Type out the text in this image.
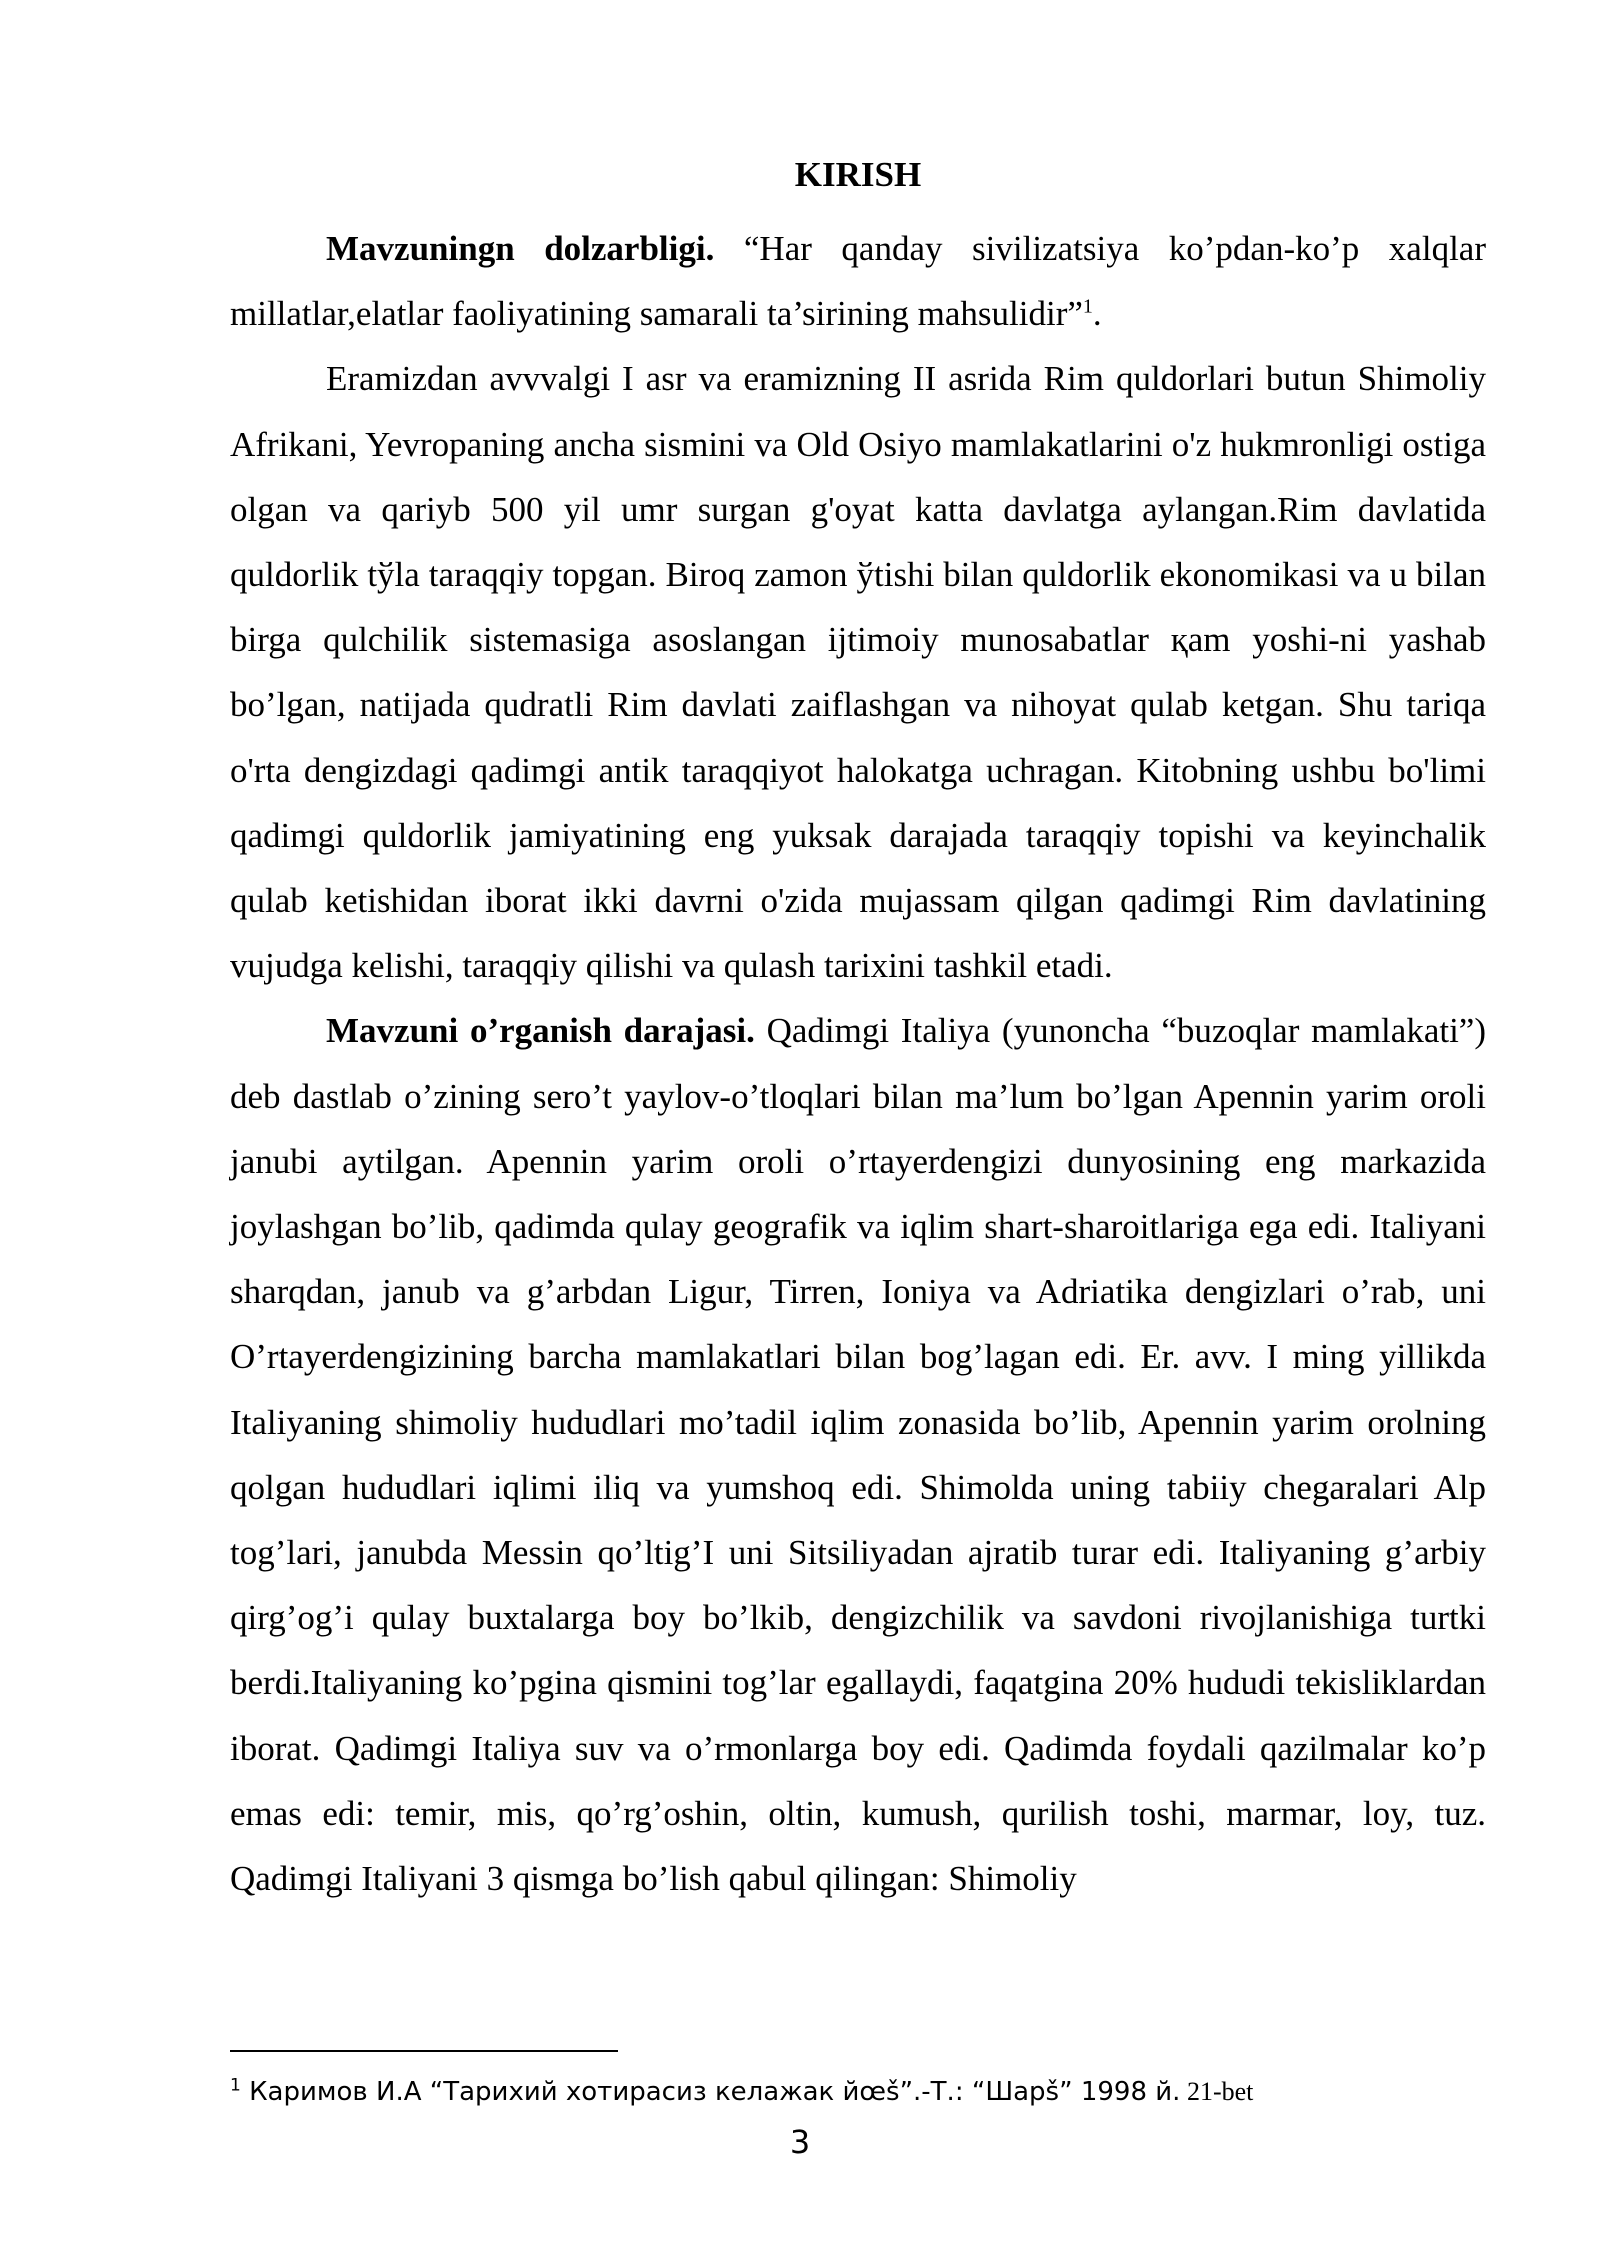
KIRISH

Mavzuningn dolzarbligi. “Har qanday sivilizatsiya ko’pdan-ko’p xalqlar millatlar,elatlar faoliyatining samarali ta’sirining mahsulidir”$^1$.

Eramizdan avvvalgi I asr va eramizning II asrida Rim quldorlari butun Shimoliy Afrikani, Yevropaning ancha sismini va Old Osiyo mamlakatlarini o'z hukmronligi ostiga olgan va qariyb 500 yil umr surgan g'oyat katta davlatga aylangan.Rim davlatida quldorlik tўla taraqqiy topgan. Biroq zamon ўtishi bilan quldorlik ekonomikasi va u bilan birga qulchilik sistemasiga asoslangan ijtimoiy munosabatlar қam yoshi-ni yashab bo’lgan, natijada qudratli Rim davlati zaiflashgan va nihoyat qulab ketgan. Shu tariqa o'rta dengizdagi qadimgi antik taraqqiyot halokatga uchragan. Kitobning ushbu bo'limi qadimgi quldorlik jamiyatining eng yuksak darajada taraqqiy topishi va keyinchalik qulab ketishidan iborat ikki davrni o'zida mujassam qilgan qadimgi Rim davlatining vujudga kelishi, taraqqiy qilishi va qulash tarixini tashkil etadi.

Mavzuni o’rganish darajasi. Qadimgi Italiya (yunoncha “buzoqlar mamlakati”) deb dastlab o’zining sero’t yaylov-o’tloqlari bilan ma’lum bo’lgan Apennin yarim oroli janubi aytilgan. Apennin yarim oroli o’rtayerdengizi dunyosining eng markazida joylashgan bo’lib, qadimda qulay geografik va iqlim shart-sharoitlariga ega edi. Italiyani sharqdan, janub va g’arbdan Ligur, Tirren, Ioniya va Adriatika dengizlari o’rab, uni O’rtayerdengizining barcha mamlakatlari bilan bog’lagan edi. Er. avv. I ming yillikda Italiyaning shimoliy hududlari mo’tadil iqlim zonasida bo’lib, Apennin yarim orolning qolgan hududlari iqlimi iliq va yumshoq edi. Shimolda uning tabiiy chegaralari Alp tog’lari, janubda Messin qo’ltig’I uni Sitsiliyadan ajratib turar edi. Italiyaning g’arbiy qirg’og’i qulay buxtalarga boy bo’lkib, dengizchilik va savdoni rivojlanishiga turtki berdi.Italiyaning ko’pgina qismini tog’lar egallaydi, faqatgina 20% hududi tekisliklardan iborat. Qadimgi Italiya suv va o’rmonlarga boy edi. Qadimda foydali qazilmalar ko’p emas edi: temir, mis, qo’rg’oshin, oltin, kumush, qurilish toshi, marmar, loy, tuz. Qadimgi Italiyani 3 qismga bo’lish qabul qilingan: Shimoliy

$^1$ Каримов И.А “Тарихий хотирасиз келажак йœš”.-Т.: “Шарš” 1998 й. 21-bet
3
